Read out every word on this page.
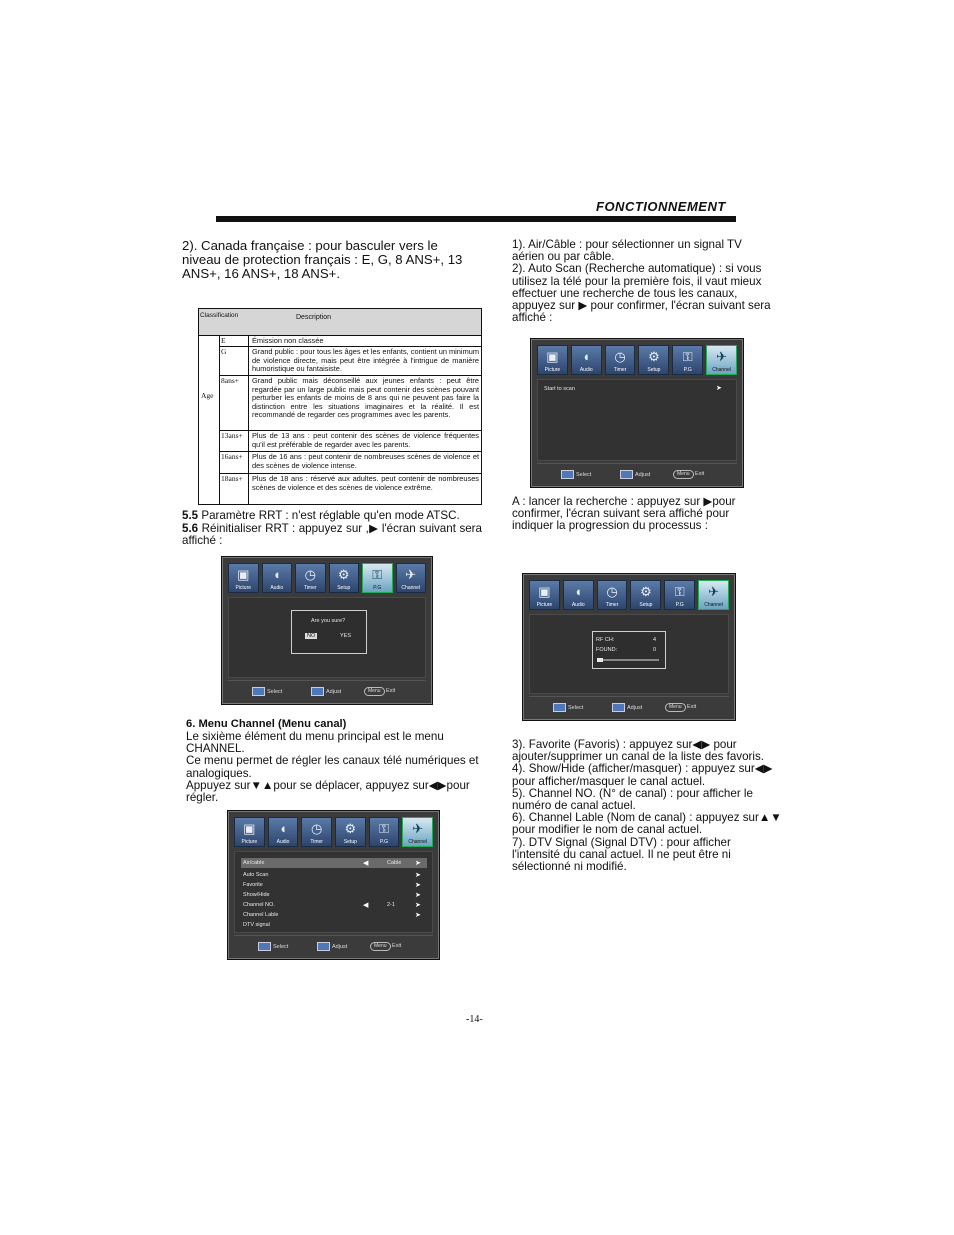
FONCTIONNEMENT
2). Canada française : pour basculer vers le
niveau de protection français : E, G, 8 ANS+, 13
ANS+, 16 ANS+, 18 ANS+.
Classification	Description
Age
E	Émission non classée
G	Grand public : pour tous les âges et les enfants, contient un minimum de violence directe, mais peut être intégrée à l'intrigue de manière humoristique ou fantaisiste.
8ans+	Grand public mais déconseillé aux jeunes enfants : peut être regardée par un large public mais peut contenir des scènes pouvant perturber les enfants de moins de 8 ans qui ne peuvent pas faire la distinction entre les situations imaginaires et la réalité. Il est recommandé de regarder ces programmes avec les parents.
13ans+	Plus de 13 ans : peut contenir des scènes de violence fréquentes qu'il est préférable de regarder avec les parents.
16ans+	Plus de 16 ans : peut contenir de nombreuses scènes de violence et des scènes de violence intense.
18ans+	Plus de 18 ans : réservé aux adultes. peut contenir de nombreuses scènes de violence et des scènes de violence extrême.
5.5 Paramètre RRT : n'est réglable qu'en mode ATSC.
5.6 Réinitialiser RRT : appuyez sur ,▶ l'écran suivant sera affiché :
▣
Picture
◖
Audio
◷
Timer
⚙
Setup
⚿
P.G
✈
Channel
Are you sure?
NO	YES
Select	Adjust	Menu Exit
6. Menu Channel (Menu canal)
Le sixième élément du menu principal est le menu
CHANNEL.
Ce menu permet de régler les canaux télé numériques et
analogiques.
Appuyez sur▼▲pour se déplacer, appuyez sur◀▶pour
régler.
▣
Picture
◖
Audio
◷
Timer
⚙
Setup
⚿
P.G
✈
Channel
Air/cable	◀	Cable ➤
Auto Scan	➤
Favorite	➤
Show/Hide	➤
Channel NO.	◀	2-1	➤
Channel Lable	➤
DTV signal
Select	Adjust	Menu Exit
1). Air/Câble : pour sélectionner un signal TV
aérien ou par câble.
2). Auto Scan (Recherche automatique) : si vous
utilisez la télé pour la première fois, il vaut mieux
effectuer une recherche de tous les canaux,
appuyez sur ▶ pour confirmer, l'écran suivant sera
affiché :
▣
Picture
◖
Audio
◷
Timer
⚙
Setup
⚿
P.G
✈
Channel
Start to scan	➤
Select	Adjust	Menu Exit
A : lancer la recherche : appuyez sur ▶pour
confirmer, l'écran suivant sera affiché pour
indiquer la progression du processus :
▣
Picture
◖
Audio
◷
Timer
⚙
Setup
⚿
P.G
✈
Channel
RF CH:	4
FOUND:	0
Select	Adjust	Menu Exit
3). Favorite (Favoris) : appuyez sur◀▶ pour
ajouter/supprimer un canal de la liste des favoris.
4). Show/Hide (afficher/masquer) : appuyez sur◀▶
pour afficher/masquer le canal actuel.
5). Channel NO. (N° de canal) : pour afficher le
numéro de canal actuel.
6). Channel Lable (Nom de canal) : appuyez sur▲▼
pour modifier le nom de canal actuel.
7). DTV Signal (Signal DTV) : pour afficher
l'intensité du canal actuel. Il ne peut être ni
sélectionné ni modifié.
-14-
